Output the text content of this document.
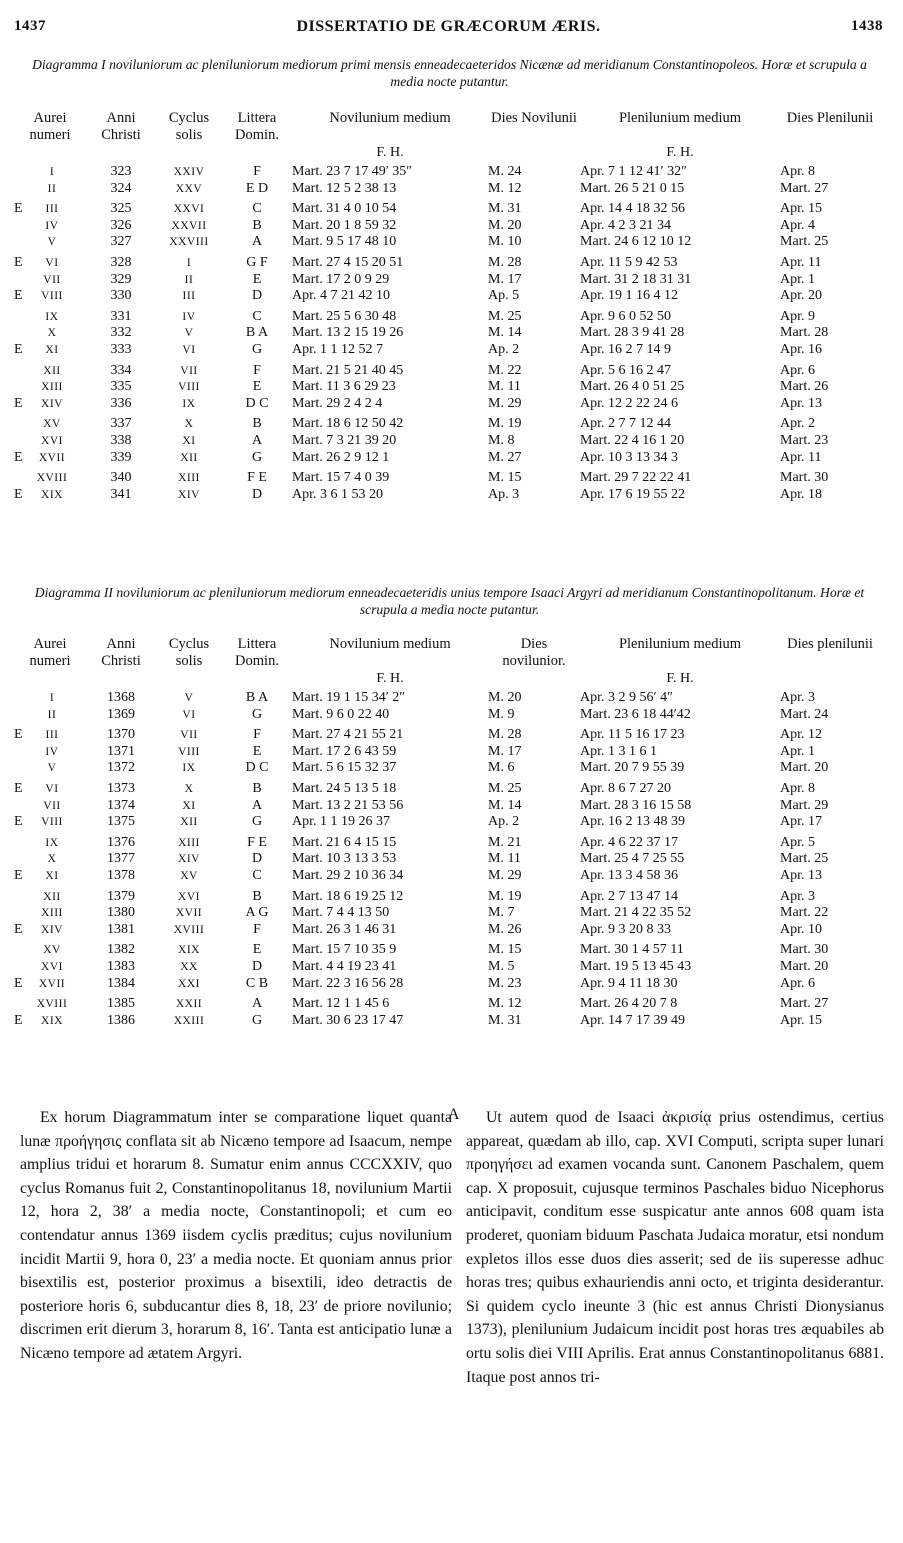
1437	DISSERTATIO DE GRÆCORUM ÆRIS.	1438
Diagramma I noviluniorum ac pleniluniorum mediorum primi mensis enneadecaeteridos Nicænæ ad meridianum Constantinopoleos. Horæ et scrupula a media nocte putantur.
Aurei numeri	Anni Christi	Cyclus solis	Littera Domin.	Novilunium medium	Dies Novilunii	Plenilunium medium	Dies Plenilunii
				F. H.		F. H.	
I	323	XXIV	F	Mart. 23 7 17 49′ 35″	M. 24	Apr. 7 1 12 41′ 32″	Apr. 8
II	324	XXV	E D	Mart. 12 5 2 38 13	M. 12	Mart. 26 5 21 0 15	Mart. 27
E III	325	XXVI	C	Mart. 31 4 0 10 54	M. 31	Apr. 14 4 18 32 56	Apr. 15
IV	326	XXVII	B	Mart. 20 1 8 59 32	M. 20	Apr. 4 2 3 21 34	Apr. 4
V	327	XXVIII	A	Mart. 9 5 17 48 10	M. 10	Mart. 24 6 12 10 12	Mart. 25
E VI	328	I	G F	Mart. 27 4 15 20 51	M. 28	Apr. 11 5 9 42 53	Apr. 11
VII	329	II	E	Mart. 17 2 0 9 29	M. 17	Mart. 31 2 18 31 31	Apr. 1
E VIII	330	III	D	Apr. 4 7 21 42 10	Ap. 5	Apr. 19 1 16 4 12	Apr. 20
IX	331	IV	C	Mart. 25 5 6 30 48	M. 25	Apr. 9 6 0 52 50	Apr. 9
X	332	V	B A	Mart. 13 2 15 19 26	M. 14	Mart. 28 3 9 41 28	Mart. 28
E XI	333	VI	G	Apr. 1 1 12 52 7	Ap. 2	Apr. 16 2 7 14 9	Apr. 16
XII	334	VII	F	Mart. 21 5 21 40 45	M. 22	Apr. 5 6 16 2 47	Apr. 6
XIII	335	VIII	E	Mart. 11 3 6 29 23	M. 11	Mart. 26 4 0 51 25	Mart. 26
E XIV	336	IX	D C	Mart. 29 2 4 2 4	M. 29	Apr. 12 2 22 24 6	Apr. 13
XV	337	X	B	Mart. 18 6 12 50 42	M. 19	Apr. 2 7 7 12 44	Apr. 2
XVI	338	XI	A	Mart. 7 3 21 39 20	M. 8	Mart. 22 4 16 1 20	Mart. 23
E XVII	339	XII	G	Mart. 26 2 9 12 1	M. 27	Apr. 10 3 13 34 3	Apr. 11
XVIII	340	XIII	F E	Mart. 15 7 4 0 39	M. 15	Mart. 29 7 22 22 41	Mart. 30
E XIX	341	XIV	D	Apr. 3 6 1 53 20	Ap. 3	Apr. 17 6 19 55 22	Apr. 18
Diagramma II noviluniorum ac pleniluniorum mediorum enneadecaeteridis unius tempore Isaaci Argyri ad meridianum Constantinopolitanum. Horæ et scrupula a media nocte putantur.
Aurei numeri	Anni Christi	Cyclus solis	Littera Domin.	Novilunium medium	Dies novilunior.	Plenilunium medium	Dies plenilunii
				F. H.		F. H.	
I	1368	V	B A	Mart. 19 1 15 34′ 2″	M. 20	Apr. 3 2 9 56′ 4″	Apr. 3
II	1369	VI	G	Mart. 9 6 0 22 40	M. 9	Mart. 23 6 18 44′42	Mart. 24
E III	1370	VII	F	Mart. 27 4 21 55 21	M. 28	Apr. 11 5 16 17 23	Apr. 12
IV	1371	VIII	E	Mart. 17 2 6 43 59	M. 17	Apr. 1 3 1 6 1	Apr. 1
V	1372	IX	D C	Mart. 5 6 15 32 37	M. 6	Mart. 20 7 9 55 39	Mart. 20
E VI	1373	X	B	Mart. 24 5 13 5 18	M. 25	Apr. 8 6 7 27 20	Apr. 8
VII	1374	XI	A	Mart. 13 2 21 53 56	M. 14	Mart. 28 3 16 15 58	Mart. 29
E VIII	1375	XII	G	Apr. 1 1 19 26 37	Ap. 2	Apr. 16 2 13 48 39	Apr. 17
IX	1376	XIII	F E	Mart. 21 6 4 15 15	M. 21	Apr. 4 6 22 37 17	Apr. 5
X	1377	XIV	D	Mart. 10 3 13 3 53	M. 11	Mart. 25 4 7 25 55	Mart. 25
E XI	1378	XV	C	Mart. 29 2 10 36 34	M. 29	Apr. 13 3 4 58 36	Apr. 13
XII	1379	XVI	B	Mart. 18 6 19 25 12	M. 19	Apr. 2 7 13 47 14	Apr. 3
XIII	1380	XVII	A G	Mart. 7 4 4 13 50	M. 7	Mart. 21 4 22 35 52	Mart. 22
E XIV	1381	XVIII	F	Mart. 26 3 1 46 31	M. 26	Apr. 9 3 20 8 33	Apr. 10
XV	1382	XIX	E	Mart. 15 7 10 35 9	M. 15	Mart. 30 1 4 57 11	Mart. 30
XVI	1383	XX	D	Mart. 4 4 19 23 41	M. 5	Mart. 19 5 13 45 43	Mart. 20
E XVII	1384	XXI	C B	Mart. 22 3 16 56 28	M. 23	Apr. 9 4 11 18 30	Apr. 6
XVIII	1385	XXII	A	Mart. 12 1 1 45 6	M. 12	Mart. 26 4 20 7 8	Mart. 27
E XIX	1386	XXIII	G	Mart. 30 6 23 17 47	M. 31	Apr. 14 7 17 39 49	Apr. 15
A

Ex horum Diagrammatum inter se comparatione liquet quanta lunæ προήγησις conflata sit ab Nicæno tempore ad Isaacum, nempe amplius tridui et horarum 8. Sumatur enim annus CCCXXIV, quo cyclus Romanus fuit 2, Constantinopolitanus 18, novilunium Martii 12, hora 2, 38′ a media nocte, Constantinopoli; et cum eo contendatur annus 1369 iisdem cyclis præditus; cujus novilunium incidit Martii 9, hora 0, 23′ a media nocte. Et quoniam annus prior bisextilis est, posterior proximus a bisextili, ideo detractis de posteriore horis 6, subducantur dies 8, 18, 23′ de priore novilunio; discrimen erit dierum 3, horarum 8, 16′. Tanta est anticipatio lunæ a Nicæno tempore ad ætatem Argyri.

Ut autem quod de Isaaci ἀκρισίᾳ prius ostendimus, certius appareat, quædam ab illo, cap. XVI Computi, scripta super lunari προηγήσει ad examen vocanda sunt. Canonem Paschalem, quem cap. X proposuit, cujusque terminos Paschales biduo Nicephorus anticipavit, conditum esse suspicatur ante annos 608 quam ista proderet, quoniam biduum Paschata Judaica moratur, etsi nondum expletos illos esse duos dies asserit; sed de iis superesse adhuc horas tres; quibus exhauriendis anni octo, et triginta desiderantur. Si quidem cyclo ineunte 3 (hic est annus Christi Dionysianus 1373), plenilunium Judaicum incidit post horas tres æquabiles ab ortu solis diei VIII Aprilis. Erat annus Constantinopolitanus 6881. Itaque post annos tri-
